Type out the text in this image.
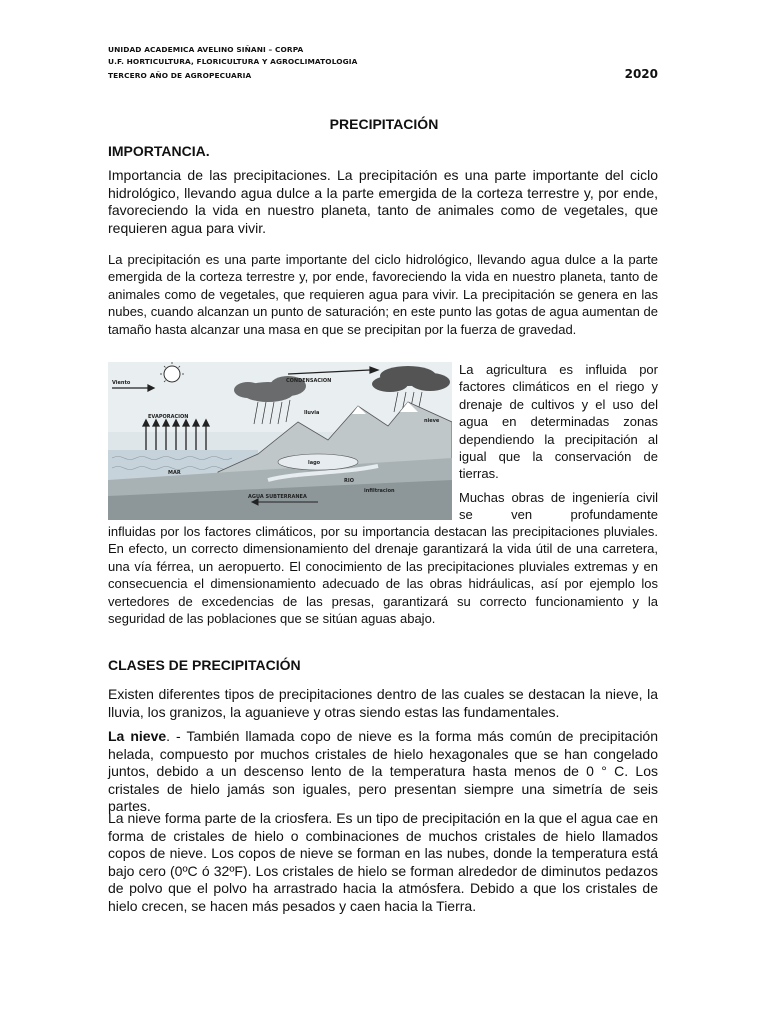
UNIDAD ACADEMICA AVELINO SIÑANI – CORPA
U.F. HORTICULTURA, FLORICULTURA Y AGROCLIMATOLOGIA
TERCERO AÑO DE AGROPECUARIA	2020
PRECIPITACIÓN
IMPORTANCIA.

Importancia de las precipitaciones. La precipitación es una parte importante del ciclo hidrológico, llevando agua dulce a la parte emergida de la corteza terrestre y, por ende, favoreciendo la vida en nuestro planeta, tanto de animales como de vegetales, que requieren agua para vivir.

La precipitación es una parte importante del ciclo hidrológico, llevando agua dulce a la parte emergida de la corteza terrestre y, por ende, favoreciendo la vida en nuestro planeta, tanto de animales como de vegetales, que requieren agua para vivir. La precipitación se genera en las nubes, cuando alcanzan un punto de saturación; en este punto las gotas de agua aumentan de tamaño hasta alcanzar una masa en que se precipitan por la fuerza de gravedad.

Viento	CONDENSACION
EVAPORACION
lluvia
nieve
MAR
lago
RIO
AGUA SUBTERRANEA
infiltracion

La agricultura es influida por factores climáticos en el riego y drenaje de cultivos y el uso del agua en determinadas zonas dependiendo la precipitación al igual que la conservación de tierras.

Muchas obras de ingeniería civil se ven profundamente

influidas por los factores climáticos, por su importancia destacan las precipitaciones pluviales. En efecto, un correcto dimensionamiento del drenaje garantizará la vida útil de una carretera, una vía férrea, un aeropuerto. El conocimiento de las precipitaciones pluviales extremas y en consecuencia el dimensionamiento adecuado de las obras hidráulicas, así por ejemplo los vertedores de excedencias de las presas, garantizará su correcto funcionamiento y la seguridad de las poblaciones que se sitúan aguas abajo.

CLASES DE PRECIPITACIÓN

Existen diferentes tipos de precipitaciones dentro de las cuales se destacan la nieve, la lluvia, los granizos, la aguanieve y otras siendo estas las fundamentales.

La nieve. - También llamada copo de nieve es la forma más común de precipitación helada, compuesto por muchos cristales de hielo hexagonales que se han congelado juntos, debido a un descenso lento de la temperatura hasta menos de 0 ° C. Los cristales de hielo jamás son iguales, pero presentan siempre una simetría de seis partes.

La nieve forma parte de la criosfera. Es un tipo de precipitación en la que el agua cae en forma de cristales de hielo o combinaciones de muchos cristales de hielo llamados copos de nieve. Los copos de nieve se forman en las nubes, donde la temperatura está bajo cero (0ºC ó 32ºF). Los cristales de hielo se forman alrededor de diminutos pedazos de polvo que el polvo ha arrastrado hacia la atmósfera. Debido a que los cristales de hielo crecen, se hacen más pesados y caen hacia la Tierra.
